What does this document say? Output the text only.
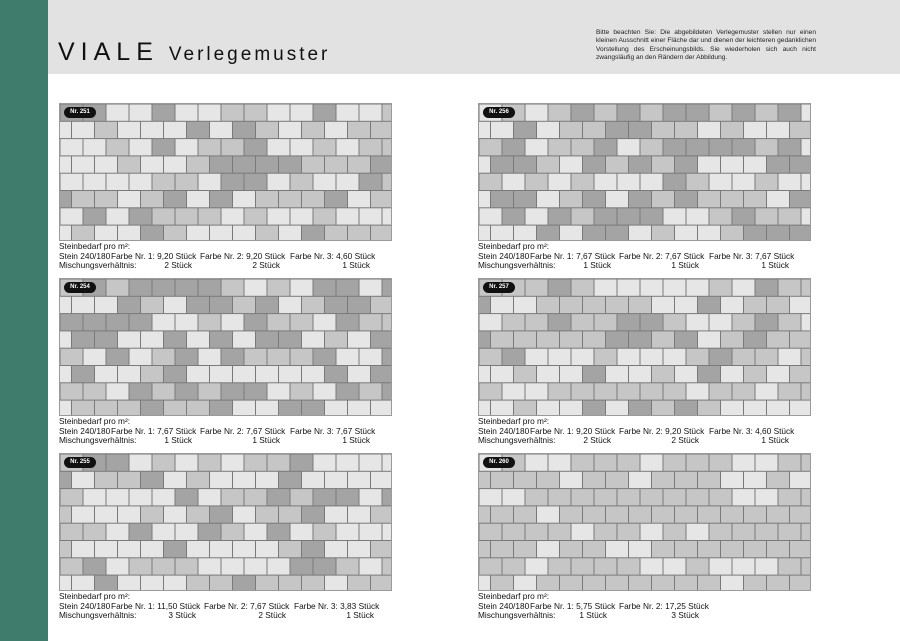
VIALE Verlegemuster
Bitte beachten Sie: Die abgebildeten Verlegemuster stellen nur einen kleinen Ausschnitt einer Fläche dar und dienen der leichteren gedanklichen Vorstellung des Erscheinungsbilds. Sie wiederholen sich auch nicht zwangsläufig an den Rändern der Abbildung.
Nr. 251
Steinbedarf pro m²:
Stein 240/180 Farbe Nr. 1: 9,20 Stück Farbe Nr. 2: 9,20 Stück Farbe Nr. 3: 4,60 Stück
Mischungsverhältnis:	2 Stück	2 Stück	1 Stück
Nr. 256
Steinbedarf pro m²:
Stein 240/180 Farbe Nr. 1: 7,67 Stück Farbe Nr. 2: 7,67 Stück Farbe Nr. 3: 7,67 Stück
Mischungsverhältnis:	1 Stück	1 Stück	1 Stück
Nr. 254
Steinbedarf pro m²:
Stein 240/180 Farbe Nr. 1: 7,67 Stück Farbe Nr. 2: 7,67 Stück Farbe Nr. 3: 7,67 Stück
Mischungsverhältnis:	1 Stück	1 Stück	1 Stück
Nr. 257
Steinbedarf pro m²:
Stein 240/180 Farbe Nr. 1: 9,20 Stück Farbe Nr. 2: 9,20 Stück Farbe Nr. 3: 4,60 Stück
Mischungsverhältnis:	2 Stück	2 Stück	1 Stück
Nr. 255
Steinbedarf pro m²:
Stein 240/180 Farbe Nr. 1: 11,50 Stück Farbe Nr. 2: 7,67 Stück Farbe Nr. 3: 3,83 Stück
Mischungsverhältnis:	3 Stück	2 Stück	1 Stück
Nr. 260
Steinbedarf pro m²:
Stein 240/180 Farbe Nr. 1: 5,75 Stück Farbe Nr. 2: 17,25 Stück
Mischungsverhältnis:	1 Stück	3 Stück
